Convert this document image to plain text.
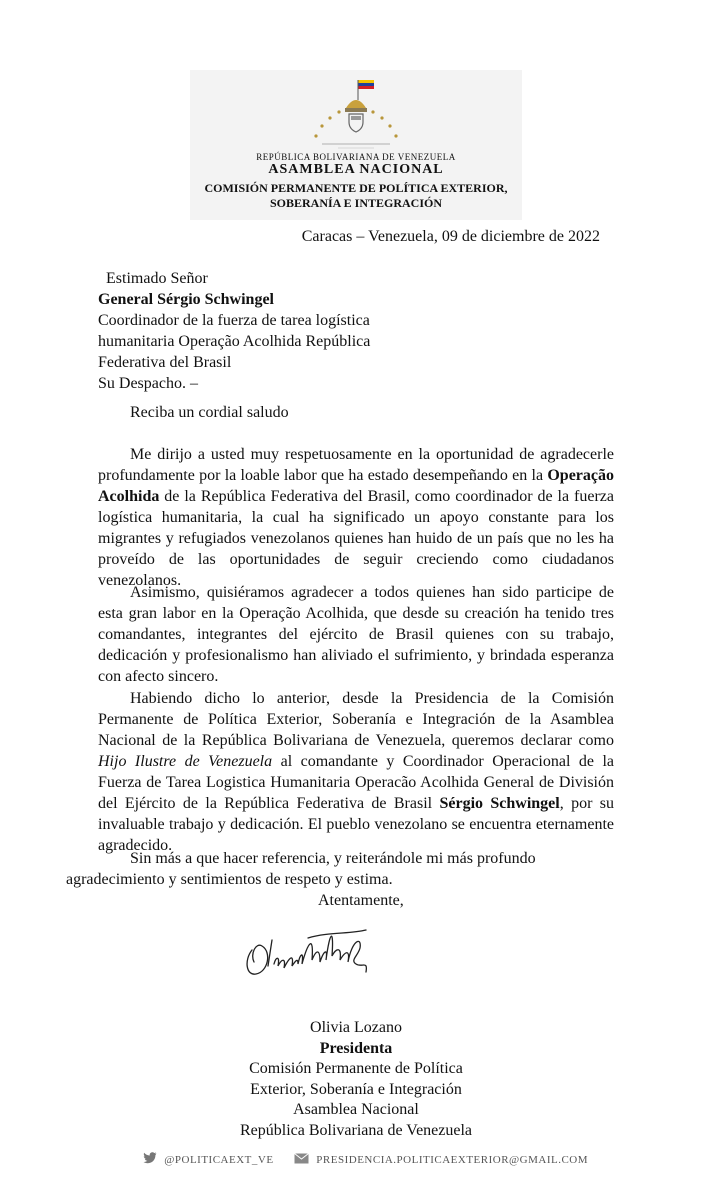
REPÚBLICA BOLIVARIANA DE VENEZUELA
ASAMBLEA NACIONAL
COMISIÓN PERMANENTE DE POLÍTICA EXTERIOR,
SOBERANÍA E INTEGRACIÓN
Caracas – Venezuela, 09 de diciembre de 2022
Estimado Señor
General Sérgio Schwingel
Coordinador de la fuerza de tarea logística
humanitaria Operação Acolhida República
Federativa del Brasil
Su Despacho. –
Reciba un cordial saludo

Me dirijo a usted muy respetuosamente en la oportunidad de agradecerle profundamente por la loable labor que ha estado desempeñando en la Operação Acolhida de la República Federativa del Brasil, como coordinador de la fuerza logística humanitaria, la cual ha significado un apoyo constante para los migrantes y refugiados venezolanos quienes han huido de un país que no les ha proveído de las oportunidades de seguir creciendo como ciudadanos venezolanos.

Asimismo, quisiéramos agradecer a todos quienes han sido participe de esta gran labor en la Operação Acolhida, que desde su creación ha tenido tres comandantes, integrantes del ejército de Brasil quienes con su trabajo, dedicación y profesionalismo han aliviado el sufrimiento, y brindada esperanza con afecto sincero.

Habiendo dicho lo anterior, desde la Presidencia de la Comisión Permanente de Política Exterior, Soberanía e Integración de la Asamblea Nacional de la República Bolivariana de Venezuela, queremos declarar como Hijo Ilustre de Venezuela al comandante y Coordinador Operacional de la Fuerza de Tarea Logistica Humanitaria Operacão Acolhida General de División del Ejército de la República Federativa de Brasil Sérgio Schwingel, por su invaluable trabajo y dedicación. El pueblo venezolano se encuentra eternamente agradecido.

Sin más a que hacer referencia, y reiterándole mi más profundo
agradecimiento y sentimientos de respeto y estima.

Atentamente,
Olivia Lozano
Presidenta
Comisión Permanente de Política
Exterior, Soberanía e Integración
Asamblea Nacional
República Bolivariana de Venezuela
@POLITICAEXT_VE	PRESIDENCIA.POLITICAEXTERIOR@GMAIL.COM
